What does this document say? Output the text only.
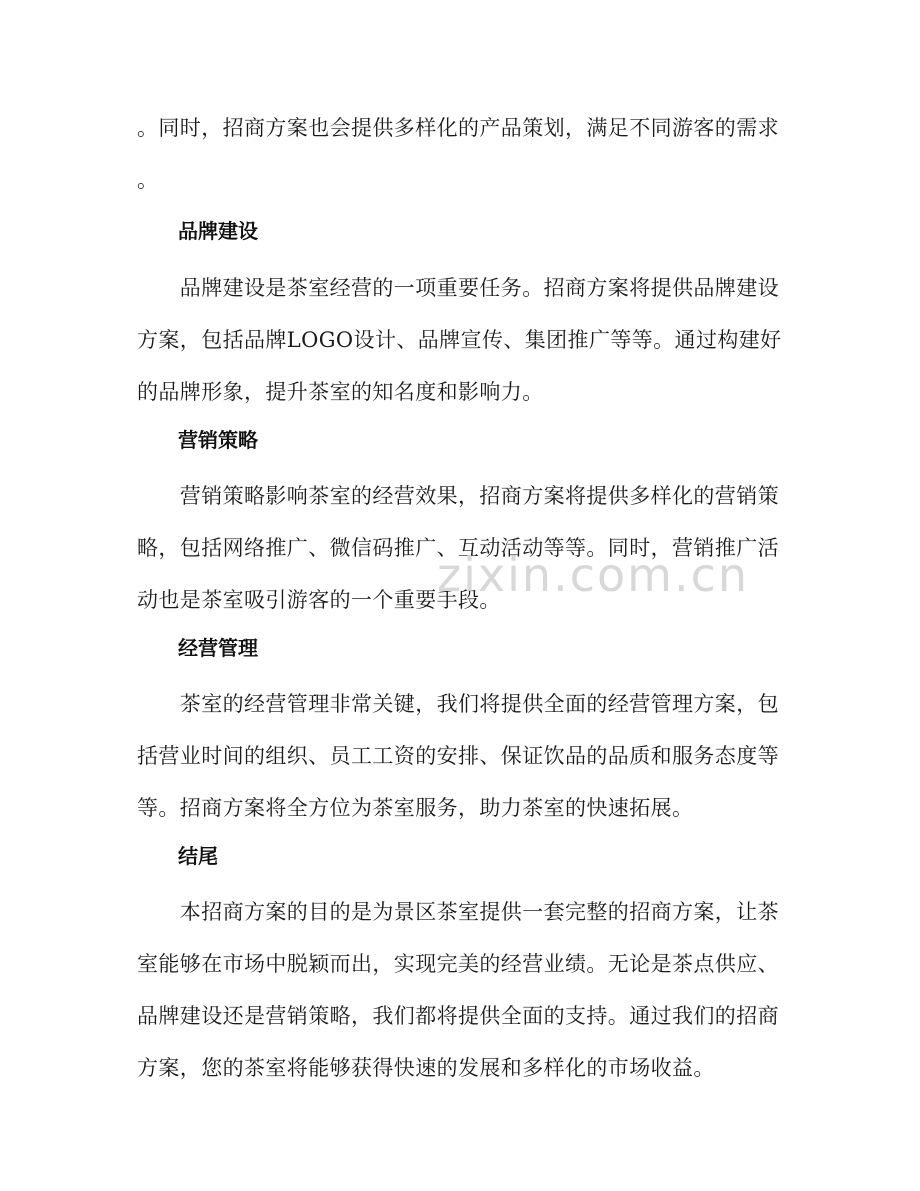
。同时，招商方案也会提供多样化的产品策划，满足不同游客的需求
。
品牌建设
　　品牌建设是茶室经营的一项重要任务。招商方案将提供品牌建设
方案，包括品牌LOGO设计、品牌宣传、集团推广等等。通过构建好
的品牌形象，提升茶室的知名度和影响力。
营销策略
　　营销策略影响茶室的经营效果，招商方案将提供多样化的营销策
略，包括网络推广、微信码推广、互动活动等等。同时，营销推广活
动也是茶室吸引游客的一个重要手段。
经营管理
　　茶室的经营管理非常关键，我们将提供全面的经营管理方案，包
括营业时间的组织、员工工资的安排、保证饮品的品质和服务态度等
等。招商方案将全方位为茶室服务，助力茶室的快速拓展。
结尾
　　本招商方案的目的是为景区茶室提供一套完整的招商方案，让茶
室能够在市场中脱颖而出，实现完美的经营业绩。无论是茶点供应、
品牌建设还是营销策略，我们都将提供全面的支持。通过我们的招商
方案，您的茶室将能够获得快速的发展和多样化的市场收益。
zixin.com.cn
